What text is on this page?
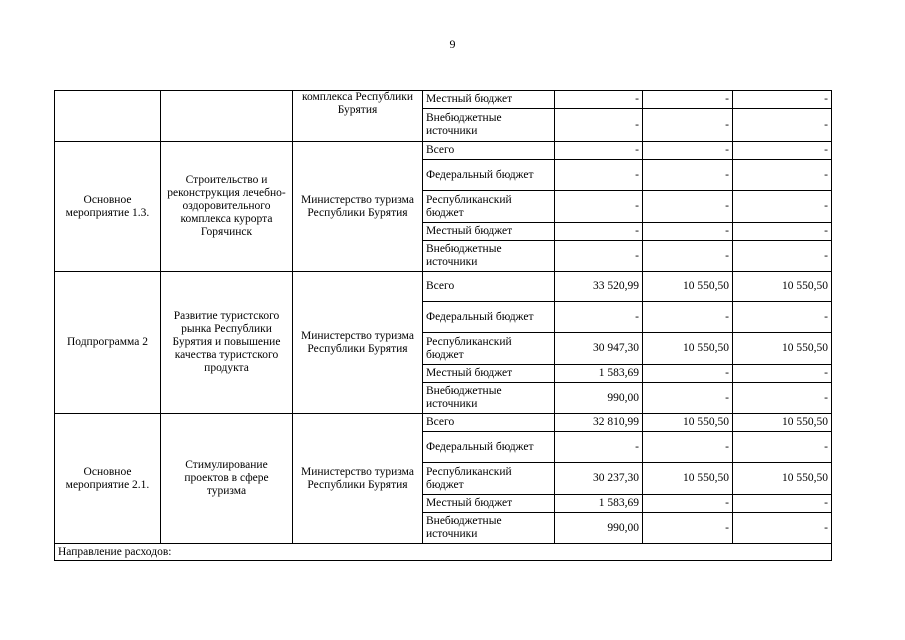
9
		комплекса Республики Бурятия	Местный бюджет	-	-	-
			Внебюджетные источники	-	-	-
Основное мероприятие 1.3.	Строительство и реконструкция лечебно-оздоровительного комплекса курорта Горячинск	Министерство туризма Республики Бурятия	Всего	-	-	-
			Федеральный бюджет	-	-	-
			Республиканский бюджет	-	-	-
			Местный бюджет	-	-	-
			Внебюджетные источники	-	-	-
Подпрограмма 2	Развитие туристского рынка Республики Бурятия и повышение качества туристского продукта	Министерство туризма Республики Бурятия	Всего	33 520,99	10 550,50	10 550,50
			Федеральный бюджет	-	-	-
			Республиканский бюджет	30 947,30	10 550,50	10 550,50
			Местный бюджет	1 583,69	-	-
			Внебюджетные источники	990,00	-	-
Основное мероприятие 2.1.	Стимулирование проектов в сфере туризма	Министерство туризма Республики Бурятия	Всего	32 810,99	10 550,50	10 550,50
			Федеральный бюджет	-	-	-
			Республиканский бюджет	30 237,30	10 550,50	10 550,50
			Местный бюджет	1 583,69	-	-
			Внебюджетные источники	990,00	-	-
Направление расходов:						
